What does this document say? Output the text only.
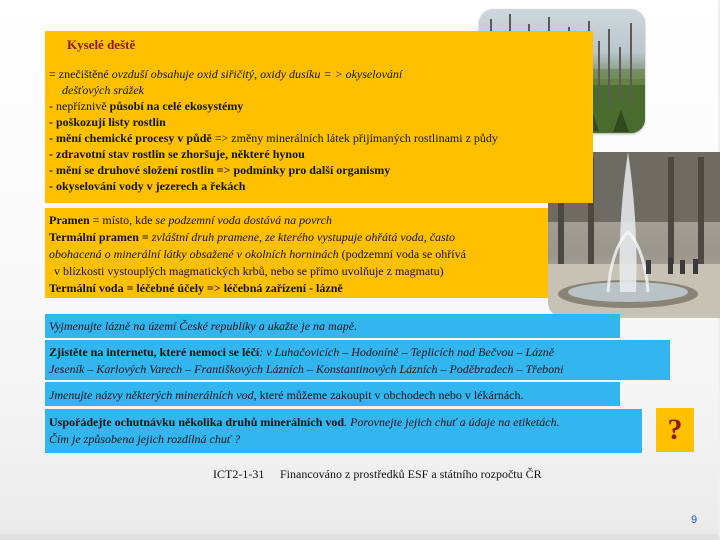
Kyselé deště
= znečištěné ovzduší obsahuje oxid siřičitý, oxidy dusíku = > okyselování
dešťových srážek
- nepříznivě působí na celé ekosystémy
- poškozují listy rostlin
- mění chemické procesy v půdě => změny minerálních látek přijímaných rostlinami z půdy
- zdravotní stav rostlin se zhoršuje, některé hynou
- mění se druhové složení rostlin => podmínky pro další organismy
- okyselování vody v jezerech a řekách
Pramen = místo, kde se podzemní voda dostává na povrch
Termální pramen = zvláštní druh pramene, ze kterého vystupuje ohřátá voda, často
obohacená o minerální látky obsažené v okolních horninách (podzemní voda se ohřívá
v blízkosti vystouplých magmatických krbů, nebo se přímo uvolňuje z magmatu)
Termální voda = léčebné účely => léčebná zařízení - lázně
Vyjmenujte lázně na území České republiky a ukažte je na mapě.
Zjistěte na internetu, které nemoci se léčí: v Luhačovicích – Hodoníně – Teplicích nad Bečvou – Lázně
Jeseník – Karlových Varech – Františkových Lázních – Konstantinových Lázních – Poděbradech – Třeboni
Jmenujte názvy některých minerálních vod, které můžeme zakoupit v obchodech nebo v lékárnách.
Uspořádejte ochutnávku několika druhů minerálních vod. Porovnejte jejich chuť a údaje na etiketách.
Čím je způsobena jejich rozdílná chuť ?	?
ICT2-1-31 Financováno z prostředků ESF a státního rozpočtu ČR
9
